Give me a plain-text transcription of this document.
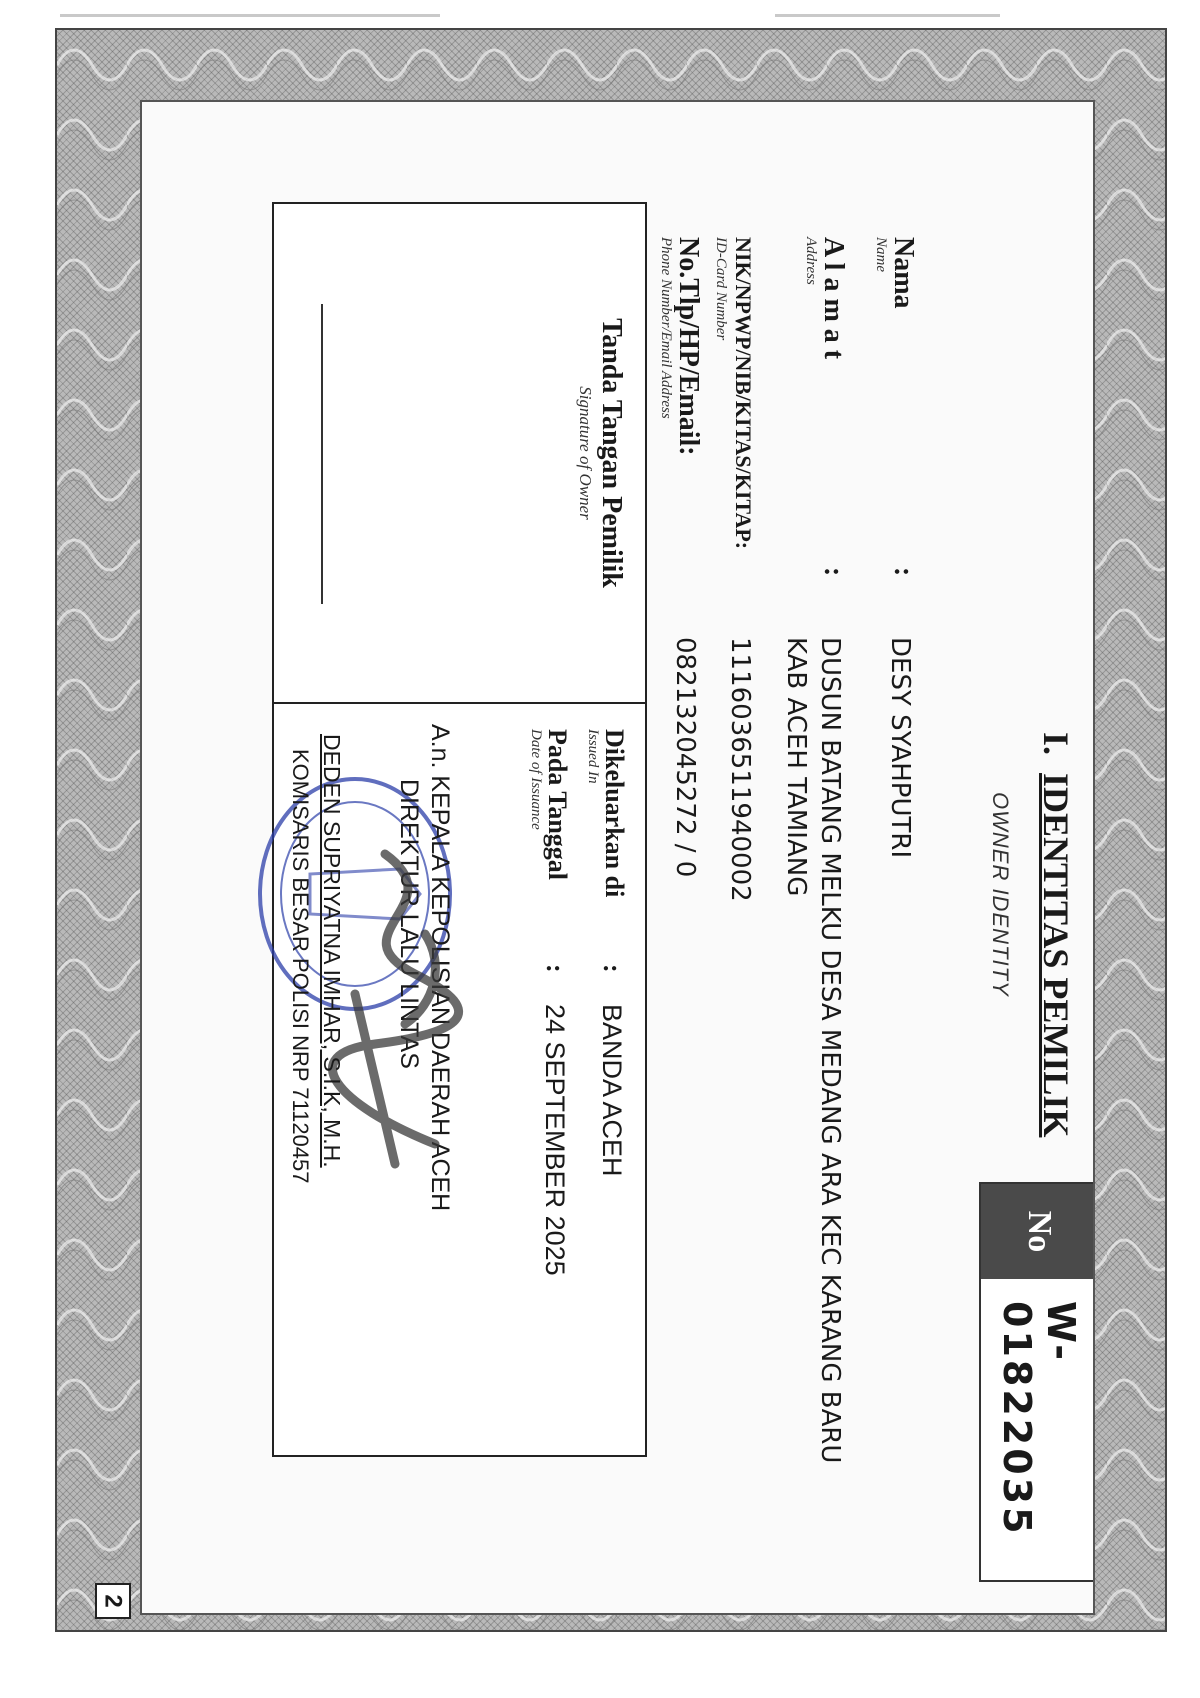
No
W-01822035
I.IDENTITAS PEMILIK
OWNER IDENTITY
Nama
Name
:
DESY SYAHPUTRI
A l a m a t
Address
:
DUSUN BATANG MELKU DESA MEDANG ARA KEC KARANG BARU KAB ACEH TAMIANG
NIK/NPWP/NIB/KITAS/KITAP:
ID-Card Number
1116036511940002
No.Tlp/HP/Email:
Phone Number/Email Address
082132045272 / 0
Tanda Tangan Pemilik
Signature of Owner
Dikeluarkan di
Issued In
:
BANDA ACEH
Pada Tanggal
Date of Issuance
:
24 SEPTEMBER 2025
A.n. KEPALA KEPOLISIAN DAERAH ACEH
DIREKTUR LALU LINTAS
DEDEN SUPRIYATNA IMHAR, S.I.K, M.H.
KOMISARIS BESAR POLISI NRP 71120457
2
